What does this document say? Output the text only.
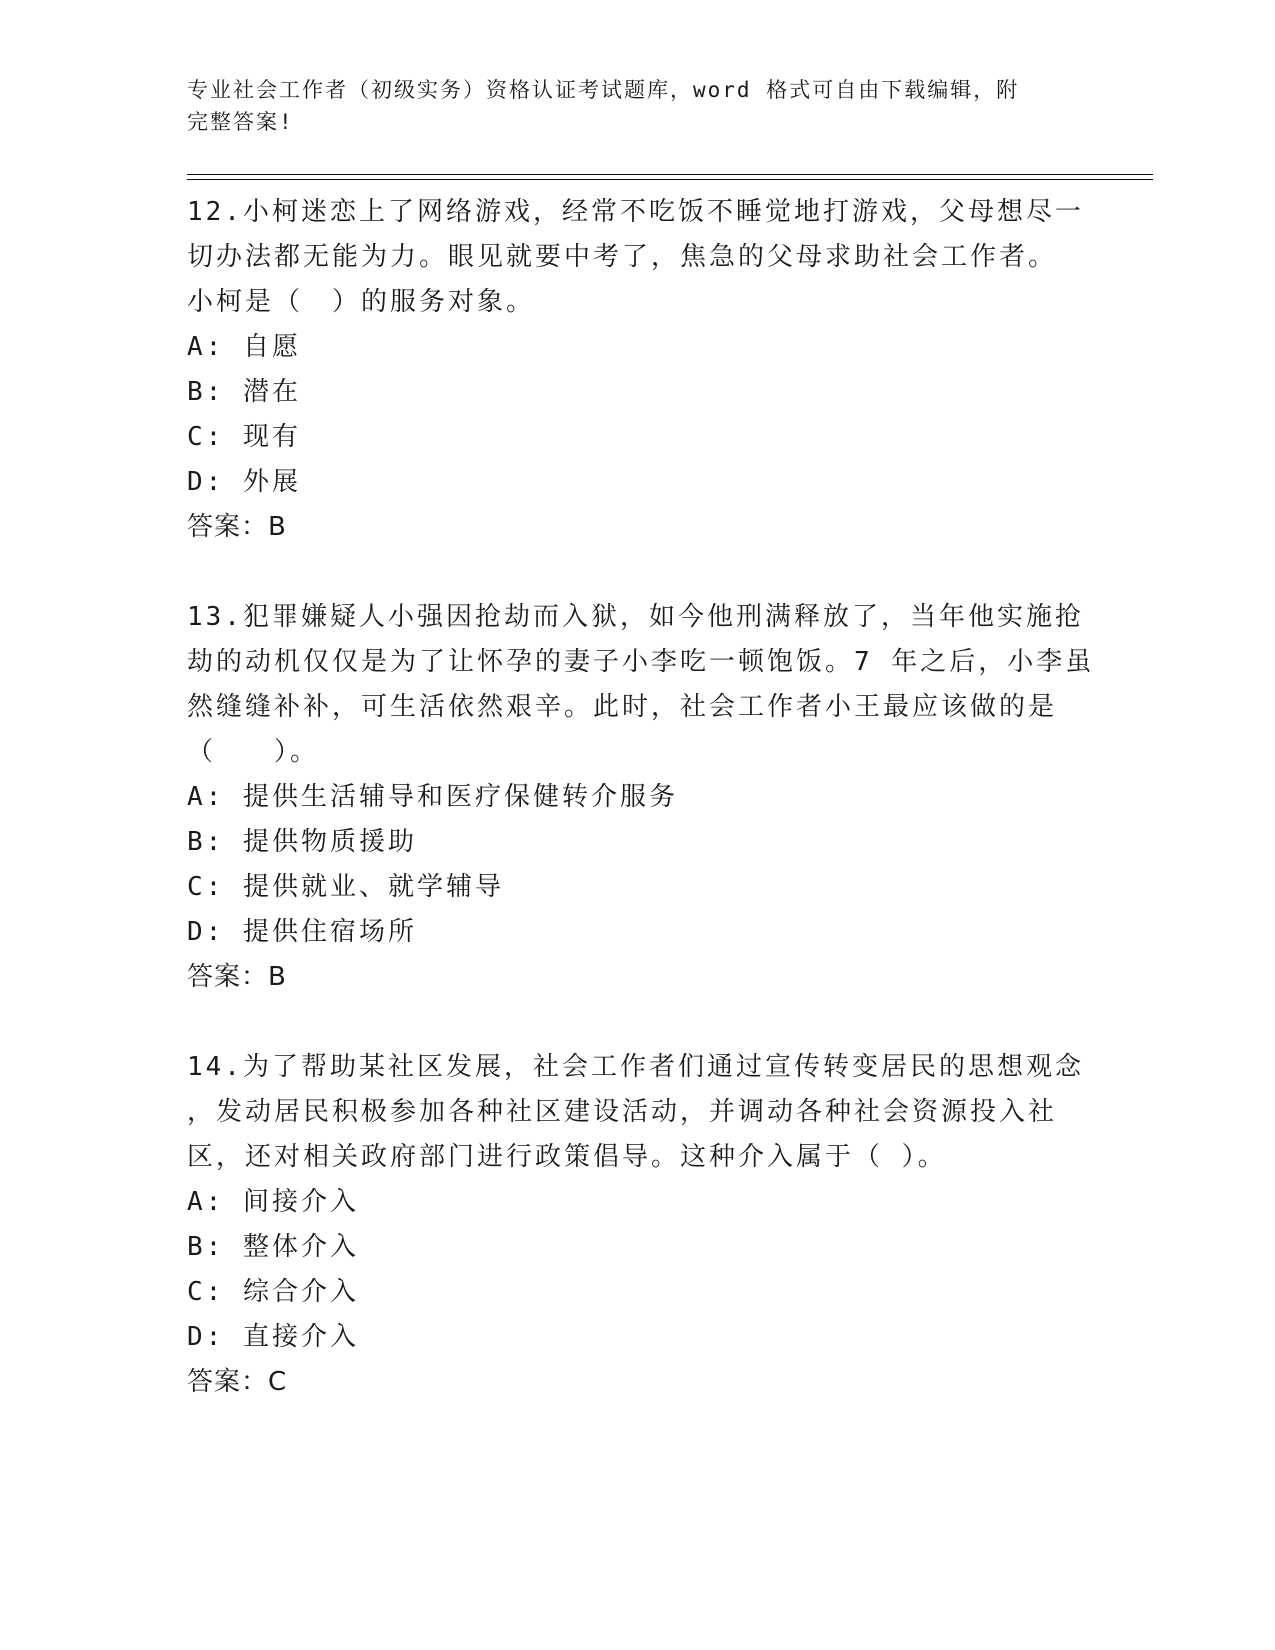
专业社会工作者（初级实务）资格认证考试题库，word 格式可自由下载编辑，附
完整答案!
12.小柯迷恋上了网络游戏，经常不吃饭不睡觉地打游戏，父母想尽一
切办法都无能为力。眼见就要中考了，焦急的父母求助社会工作者。
小柯是（　）的服务对象。
A: 自愿
B: 潜在
C: 现有
D: 外展
答案：B
13.犯罪嫌疑人小强因抢劫而入狱，如今他刑满释放了，当年他实施抢
劫的动机仅仅是为了让怀孕的妻子小李吃一顿饱饭。7 年之后，小李虽
然缝缝补补，可生活依然艰辛。此时，社会工作者小王最应该做的是
（　　）。
A: 提供生活辅导和医疗保健转介服务
B: 提供物质援助
C: 提供就业、就学辅导
D: 提供住宿场所
答案：B
14.为了帮助某社区发展，社会工作者们通过宣传转变居民的思想观念
，发动居民积极参加各种社区建设活动，并调动各种社会资源投入社
区，还对相关政府部门进行政策倡导。这种介入属于（ ）。
A: 间接介入
B: 整体介入
C: 综合介入
D: 直接介入
答案：C
